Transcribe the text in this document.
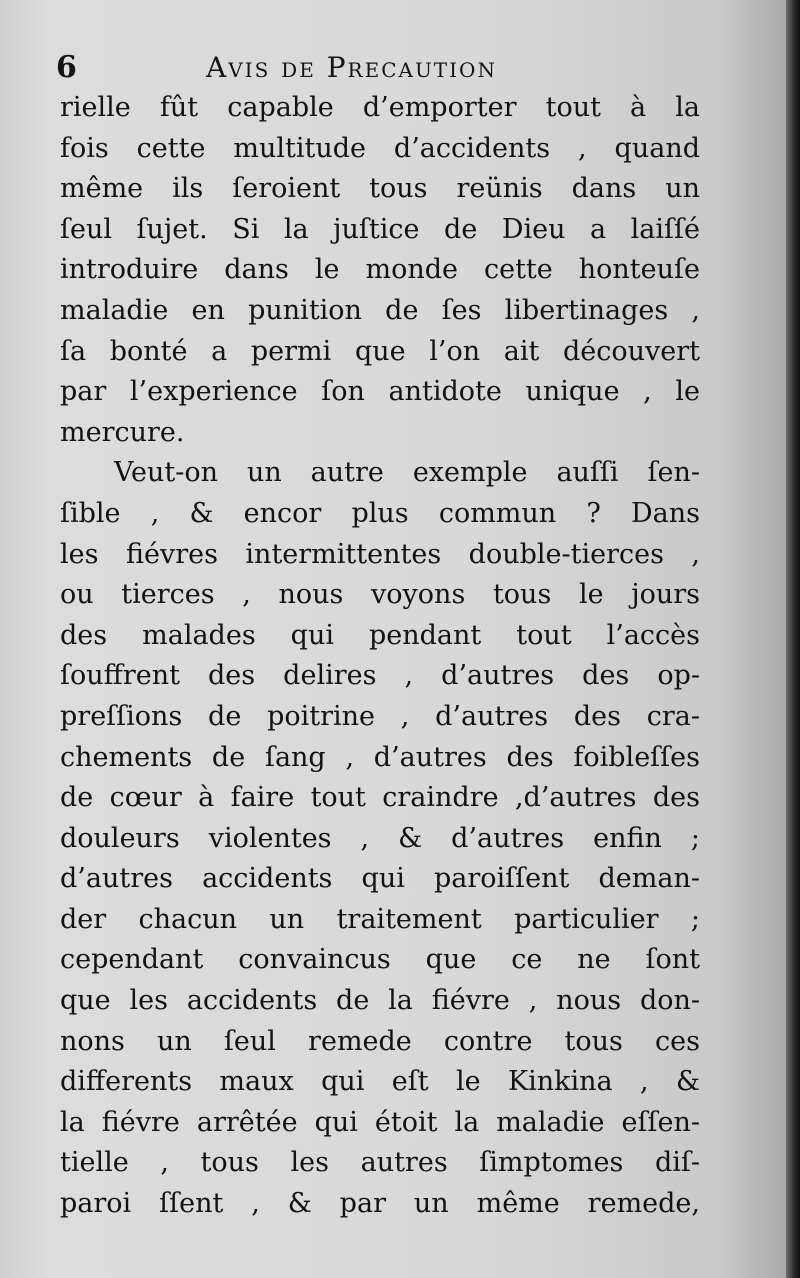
6	Avis de Precaution
rielle fût capable d’emporter tout à la
fois cette multitude d’accidents , quand
même ils ſeroient tous reünis dans un
ſeul ſujet. Si la juſtice de Dieu a laiſſé
introduire dans le monde cette honteuſe
maladie en punition de ſes libertinages ,
ſa bonté a permi que l’on ait découvert
par l’experience ſon antidote unique , le
mercure.
Veut-on un autre exemple auſſi ſen-
ſible , & encor plus commun ? Dans
les fiévres intermittentes double-tierces ,
ou tierces , nous voyons tous le jours
des malades qui pendant tout l’accès
ſouffrent des delires , d’autres des op-
preſſions de poitrine , d’autres des cra-
chements de ſang , d’autres des foibleſſes
de cœur à faire tout craindre ,d’autres des
douleurs violentes , & d’autres enfin ;
d’autres accidents qui paroiſſent deman-
der chacun un traitement particulier ;
cependant convaincus que ce ne ſont
que les accidents de la fiévre , nous don-
nons un ſeul remede contre tous ces
differents maux qui eſt le Kinkina , &
la fiévre arrêtée qui étoit la maladie eſſen-
tielle , tous les autres ſimptomes diſ-
paroi ſſent , & par un même remede,
